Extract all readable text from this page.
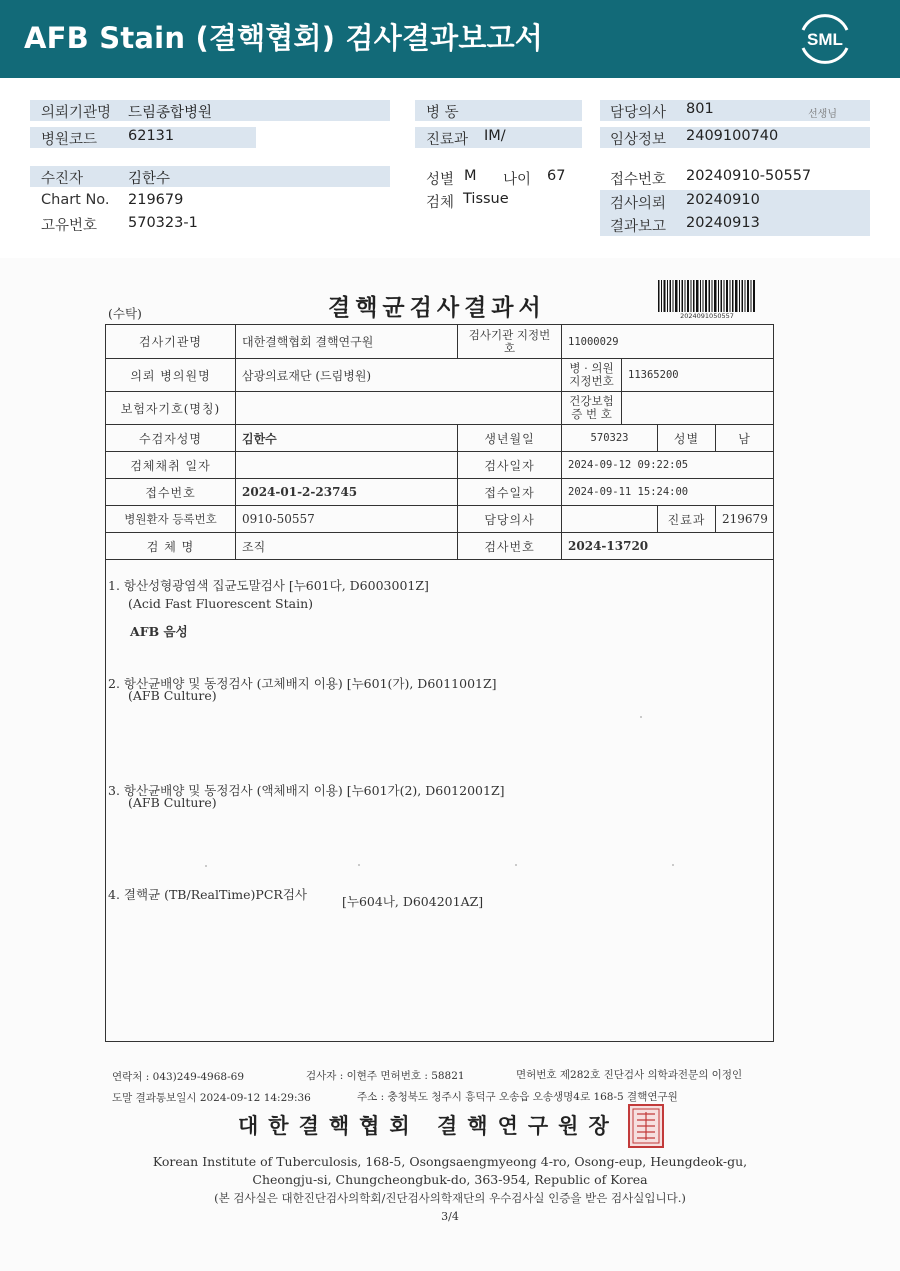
AFB Stain (결핵협회) 검사결과보고서	SML
의뢰기관명 드림종합병원	병 동	담당의사 801	선생님
병원코드 62131	진료과 IM/	임상정보 2409100740
수진자	김한수	성별 M 나이 67	접수번호 20240910-50557
Chart No. 219679	검체 Tissue	검사의뢰 20240910
고유번호 570323-1	결과보고 20240913
(수탁)	결핵균검사결과서	2024091050557
검사기관명	대한결핵협회 결핵연구원	검사기관 지정번호	11000029			
의뢰 병의원명	삼광의료재단 (드림병원)		병 · 의원 지정번호	11365200		
보험자기호(명칭)			건강보험 증 번 호			
수검자성명	김한수	생년월일	570323		성별	남
검체채취 일자		검사일자	2024-09-12 09:22:05			
접수번호	2024-01-2-23745	접수일자	2024-09-11 15:24:00			
병원환자 등록번호	0910-50557	담당의사			진료과	219679
검 체 명	조직	검사번호	2024-13720			
1. 항산성형광염색 집균도말검사 [누601다, D6003001Z]
(Acid Fast Fluorescent Stain)
AFB 음성
2. 항산균배양 및 동정검사 (고체배지 이용) [누601(가), D6011001Z]
(AFB Culture)
3. 항산균배양 및 동정검사 (액체배지 이용) [누601가(2), D6012001Z]
(AFB Culture)
4. 결핵균 (TB/RealTime)PCR검사	[누604나, D604201AZ]
연락처 : 043)249-4968-69	검사자 : 이현주 면허번호 : 58821	면허번호 제282호 진단검사 의학과전문의 이정인
도말 결과통보일시 2024-09-12 14:29:36	주소 : 충청북도 청주시 흥덕구 오송읍 오송생명4로 168-5 결핵연구원
대한결핵협회 결핵연구원장
Korean Institute of Tuberculosis, 168-5, Osongsaengmyeong 4-ro, Osong-eup, Heungdeok-gu,
Cheongju-si, Chungcheongbuk-do, 363-954, Republic of Korea
(본 검사실은 대한진단검사의학회/진단검사의학재단의 우수검사실 인증을 받은 검사실입니다.)
3/4
